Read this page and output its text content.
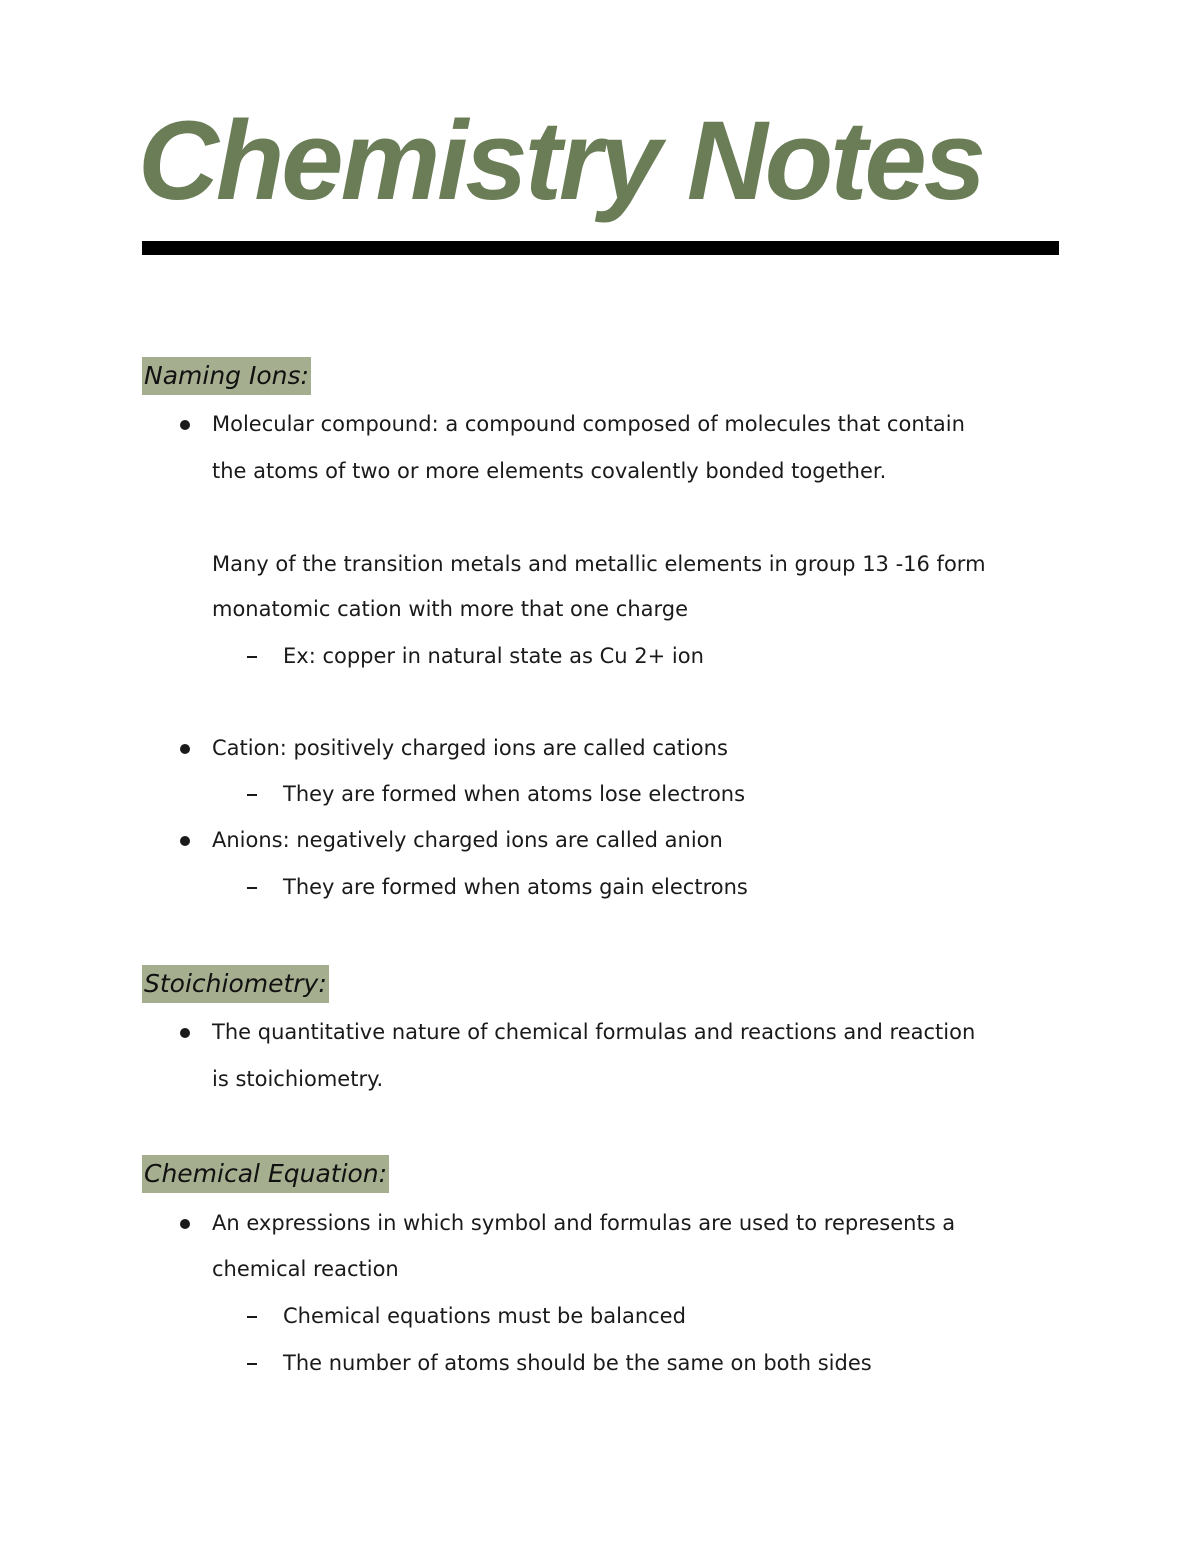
Chemistry Notes
Naming Ions:
Molecular compound: a compound composed of molecules that contain
the atoms of two or more elements covalently bonded together.
Many of the transition metals and metallic elements in group 13 -16 form
monatomic cation with more that one charge
Ex: copper in natural state as Cu 2+ ion
Cation: positively charged ions are called cations
They are formed when atoms lose electrons
Anions: negatively charged ions are called anion
They are formed when atoms gain electrons
Stoichiometry:
The quantitative nature of chemical formulas and reactions and reaction
is stoichiometry.
Chemical Equation:
An expressions in which symbol and formulas are used to represents a
chemical reaction
Chemical equations must be balanced
The number of atoms should be the same on both sides
